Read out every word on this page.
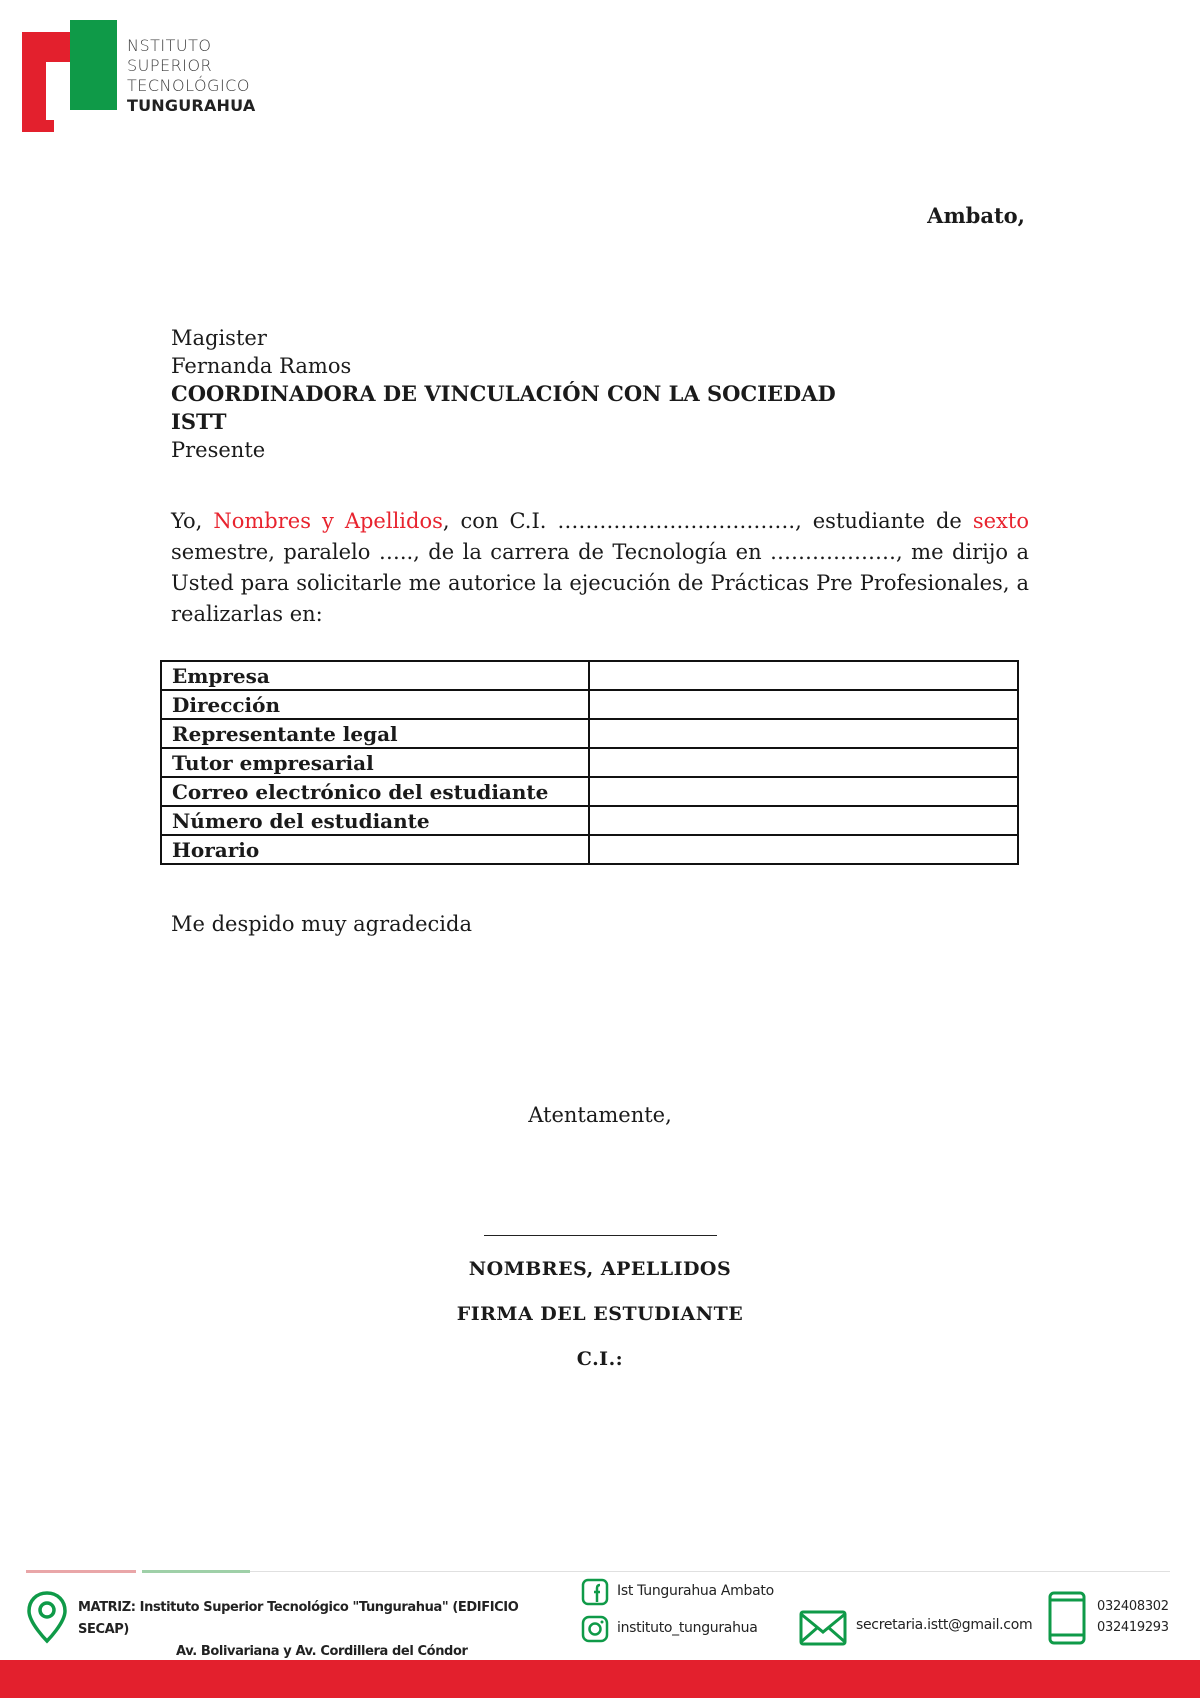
NSTITUTO
SUPERIOR
TECNOLÓGICO
TUNGURAHUA
Ambato,
Magister
Fernanda Ramos
COORDINADORA DE VINCULACIÓN CON LA SOCIEDAD
ISTT
Presente

Yo, Nombres y Apellidos, con C.I. ……………………………., estudiante de sexto semestre, paralelo ….., de la carrera de Tecnología en ………………, me dirijo a Usted para solicitarle me autorice la ejecución de Prácticas Pre Profesionales, a realizarlas en:

Empresa	
Dirección	
Representante legal	
Tutor empresarial	
Correo electrónico del estudiante	
Número del estudiante	
Horario	
Me despido muy agradecida
Atentamente,
NOMBRES, APELLIDOS
FIRMA DEL ESTUDIANTE
C.I.:
MATRIZ: Instituto Superior Tecnológico "Tungurahua" (EDIFICIO SECAP)
Av. Bolivariana y Av. Cordillera del Cóndor
Ist Tungurahua Ambato
instituto_tungurahua	secretaria.istt@gmail.com
032408302
032419293
